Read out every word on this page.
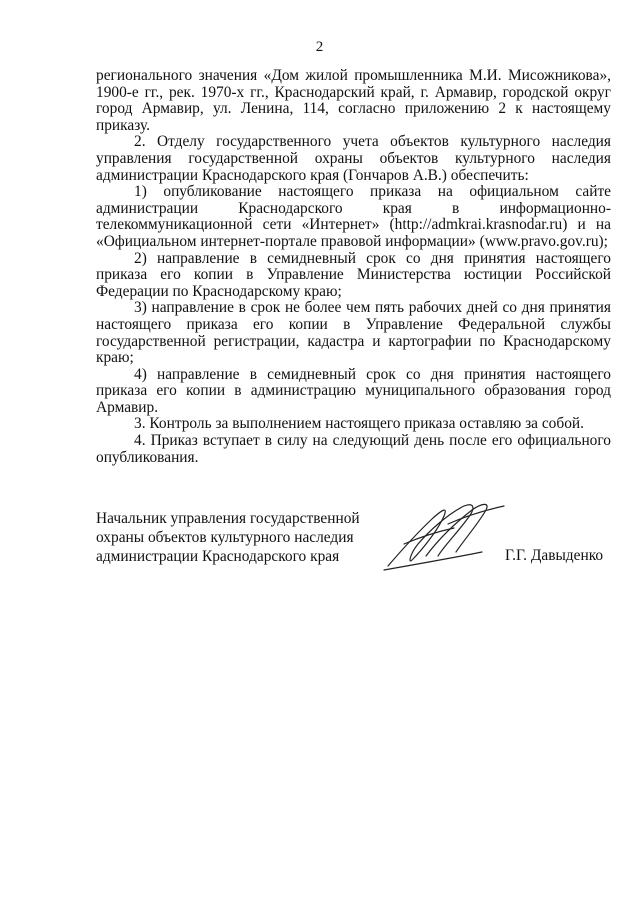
2

регионального значения «Дом жилой промышленника М.И. Мисожникова», 1900-е гг., рек. 1970-х гг., Краснодарский край, г. Армавир, городской округ город Армавир, ул. Ленина, 114, согласно приложению 2 к настоящему приказу.

2. Отделу государственного учета объектов культурного наследия управления государственной охраны объектов культурного наследия администрации Краснодарского края (Гончаров А.В.) обеспечить:

1) опубликование настоящего приказа на официальном сайте администрации Краснодарского края в информационно-телекоммуникационной сети «Интернет» (http://admkrai.krasnodar.ru) и на «Официальном интернет-портале правовой информации» (www.pravo.gov.ru);

2) направление в семидневный срок со дня принятия настоящего приказа его копии в Управление Министерства юстиции Российской Федерации по Краснодарскому краю;

3) направление в срок не более чем пять рабочих дней со дня принятия настоящего приказа его копии в Управление Федеральной службы государственной регистрации, кадастра и картографии по Краснодарскому краю;

4) направление в семидневный срок со дня принятия настоящего приказа его копии в администрацию муниципального образования город Армавир.

3. Контроль за выполнением настоящего приказа оставляю за собой.

4. Приказ вступает в силу на следующий день после его официального опубликования.

Начальник управления государственной
охраны объектов культурного наследия
администрации Краснодарского края	Г.Г. Давыденко
